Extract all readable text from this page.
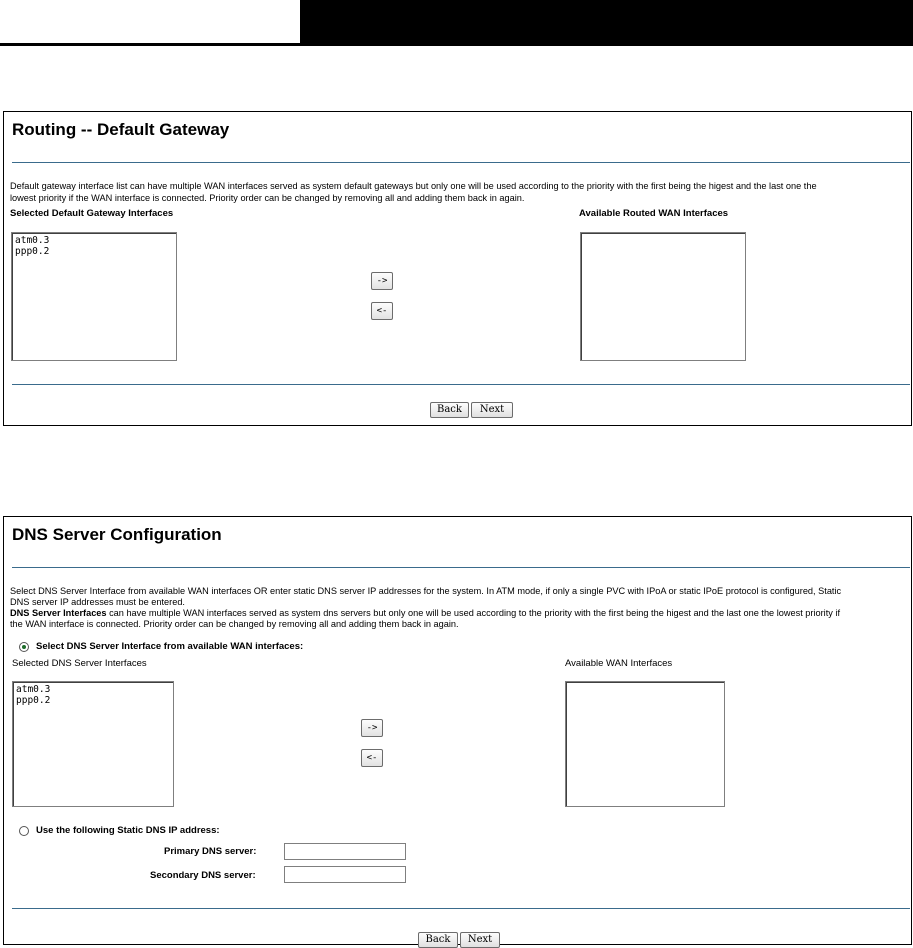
Routing -- Default Gateway
Default gateway interface list can have multiple WAN interfaces served as system default gateways but only one will be used according to the priority with the first being the higest and the last one the
lowest priority if the WAN interface is connected. Priority order can be changed by removing all and adding them back in again.
Selected Default Gateway Interfaces	Available Routed WAN Interfaces
atm0.3
ppp0.2
->
<-
Back	Next
DNS Server Configuration
Select DNS Server Interface from available WAN interfaces OR enter static DNS server IP addresses for the system. In ATM mode, if only a single PVC with IPoA or static IPoE protocol is configured, Static
DNS server IP addresses must be entered.
DNS Server Interfaces can have multiple WAN interfaces served as system dns servers but only one will be used according to the priority with the first being the higest and the last one the lowest priority if
the WAN interface is connected. Priority order can be changed by removing all and adding them back in again.
Select DNS Server Interface from available WAN interfaces:
Selected DNS Server Interfaces	Available WAN Interfaces
atm0.3
ppp0.2
->
<-
Use the following Static DNS IP address:
Primary DNS server:
Secondary DNS server:
Back	Next
